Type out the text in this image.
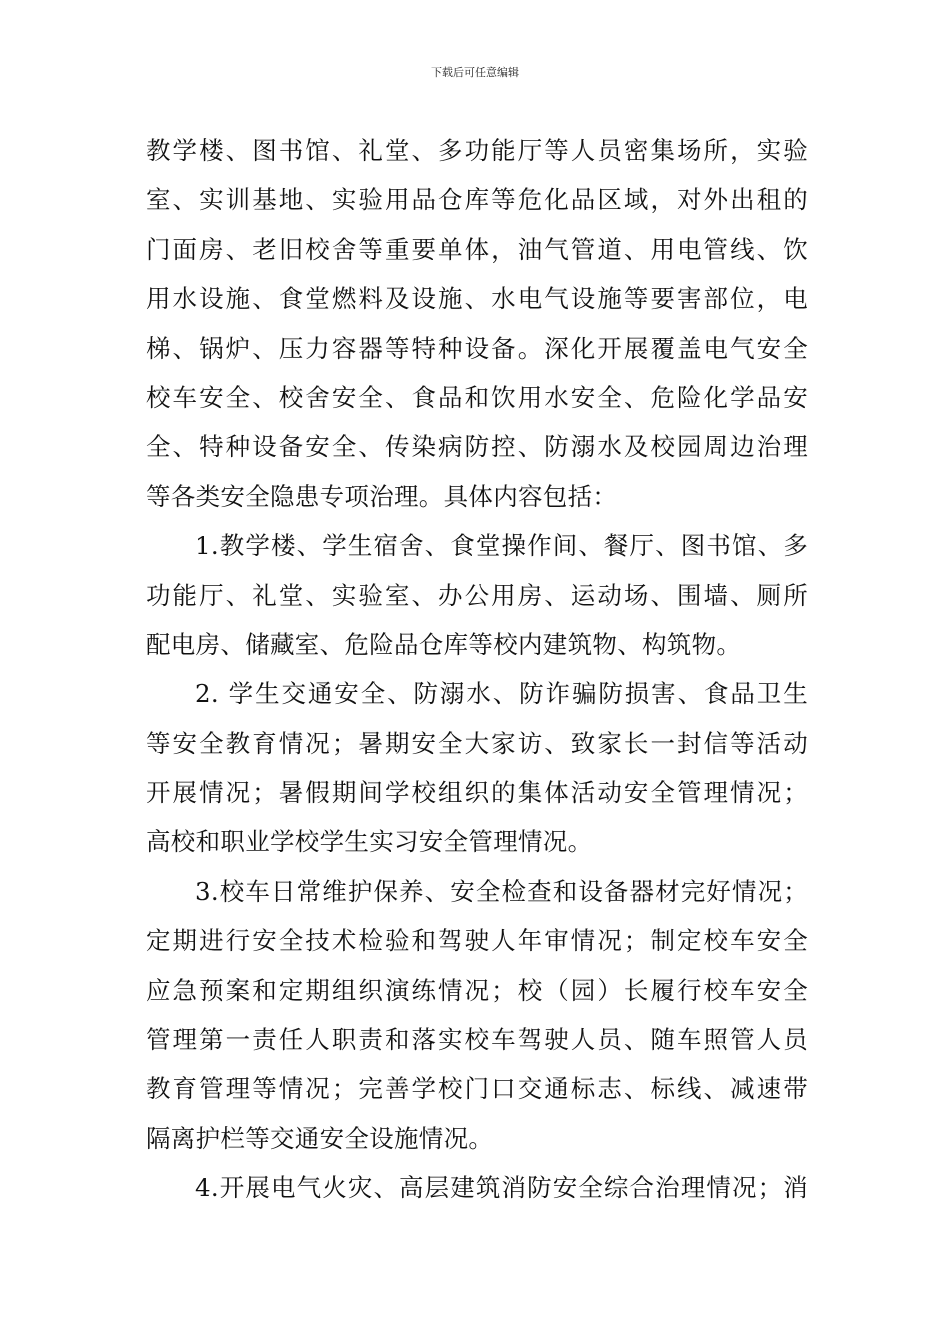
下载后可任意编辑
教学楼、图书馆、礼堂、多功能厅等人员密集场所，实验
室、实训基地、实验用品仓库等危化品区域，对外出租的
门面房、老旧校舍等重要单体，油气管道、用电管线、饮
用水设施、食堂燃料及设施、水电气设施等要害部位，电
梯、锅炉、压力容器等特种设备。深化开展覆盖电气安全
校车安全、校舍安全、食品和饮用水安全、危险化学品安
全、特种设备安全、传染病防控、防溺水及校园周边治理
等各类安全隐患专项治理。具体内容包括：
1.教学楼、学生宿舍、食堂操作间、餐厅、图书馆、多
功能厅、礼堂、实验室、办公用房、运动场、围墙、厕所
配电房、储藏室、危险品仓库等校内建筑物、构筑物。
2. 学生交通安全、防溺水、防诈骗防损害、食品卫生
等安全教育情况；暑期安全大家访、致家长一封信等活动
开展情况；暑假期间学校组织的集体活动安全管理情况；
高校和职业学校学生实习安全管理情况。
3.校车日常维护保养、安全检查和设备器材完好情况；
定期进行安全技术检验和驾驶人年审情况；制定校车安全
应急预案和定期组织演练情况；校（园）长履行校车安全
管理第一责任人职责和落实校车驾驶人员、随车照管人员
教育管理等情况；完善学校门口交通标志、标线、减速带
隔离护栏等交通安全设施情况。
4.开展电气火灾、高层建筑消防安全综合治理情况；消
